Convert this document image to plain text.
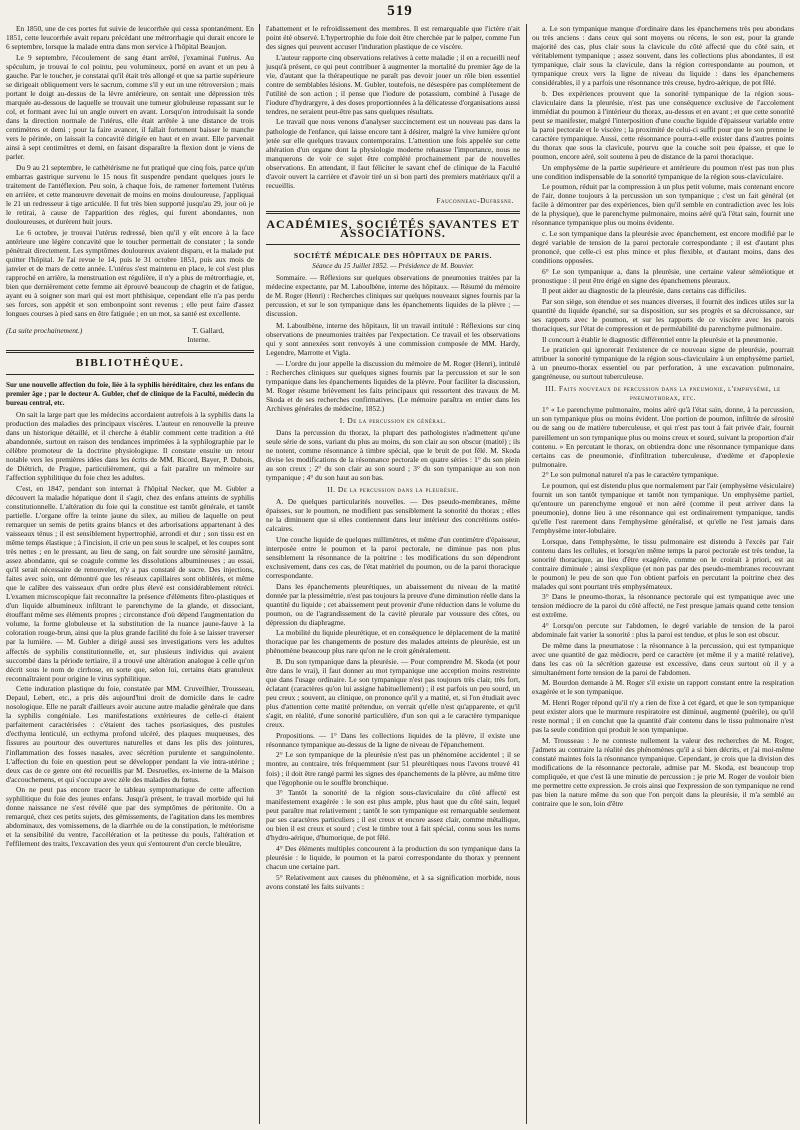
519

En 1850, une de ces portes fut suivie de leucorrhée qui cessa spontanément. En 1851, cette leucorrhée avait reparu précédant une métrorrhagie qui durait encore le 6 septembre, lorsque la malade entra dans mon service à l'hôpital Beaujon.

Le 9 septembre, l'écoulement de sang étant arrêté, j'examinai l'utérus. Au spéculum, je trouvai le col pointu, peu volumineux, porté en avant et un peu à gauche. Par le toucher, je constatai qu'il était très allongé et que sa partie supérieure se dirigeait obliquement vers le sacrum, comme s'il y eut un une rétroversion ; mais portant le doigt au-dessus de la lèvre antérieure, on sentait une dépression très marquée au-dessous de laquelle se trouvait une tumeur globuleuse repassant sur le col, et formant avec lui un angle ouvert en avant. Lorsqu'on introduisait la sonde dans la direction normale de l'utérus, elle était arrêtée à une distance de trois centimètres et demi ; pour la faire avancer, il fallait fortement baisser le manche vers le périnée, on laissait la concavité dirigée en haut et en avant. Elle parvenait ainsi à sept centimètres et demi, en faisant disparaître la flexion dont je viens de parler.

Du 9 au 21 septembre, le cathétérisme ne fut pratiqué que cinq fois, parce qu'un embarras gastrique survenu le 15 nous fit suspendre pendant quelques jours le traitement de l'antéflexion. Peu soin, à chaque fois, de ramener fortement l'utérus en arrière, et cette manœuvre devenait de moins en moins douloureuse, j'appliquai le 21 un redresseur à tige articulée. Il fut très bien supporté jusqu'au 29, jour où je le retirai, à cause de l'apparition des règles, qui furent abondantes, non douloureuses, et durèrent huit jours.

Le 6 octobre, je trouvai l'utérus redressé, bien qu'il y eût encore à la face antérieure une légère concavité que le toucher permettait de constater ; la sonde pénétrait directement. Les symptômes douloureux avaient disparu, et la malade put quitter l'hôpital. Je l'ai revue le 14, puis le 31 octobre 1851, puis aux mois de janvier et de mars de cette année. L'utérus s'est maintenu en place, le col s'est plus rapproché en arrière, la menstruation est régulière, il n'y a plus de métrorrhagie, et, bien que dernièrement cette femme ait éprouvé beaucoup de chagrin et de fatigue, ayant eu à soigner son mari qui est mort phthisique, cependant elle n'a pas perdu ses forces, son appétit et son embonpoint sont revenus ; elle peut faire d'assez longues courses à pied sans en être fatiguée ; en un mot, sa santé est excellente.

(La suite prochainement.)	T. Gallard,
Interne.
BIBLIOTHÈQUE.

Sur une nouvelle affection du foie, liée à la syphilis héréditaire, chez les enfans du premier âge ; par le docteur A. Gubler, chef de clinique de la Faculté, médecin du bureau central, etc.

On sait la large part que les médecins accordaient autrefois à la syphilis dans la production des maladies des principaux viscères. L'auteur en renouvelle la preuve dans un historique détaillé, et il cherche à établir comment cette tradition a été abandonnée, surtout en raison des tendances imprimées à la syphilographie par le célèbre promoteur de la doctrine physiologique. Il constate ensuite un retour notable vers les premières idées dans les écrits de MM. Ricord, Bayer, P. Dubois, de Diétrich, de Prague, particulièrement, qui a fait paraître un mémoire sur l'affection syphilitique du foie chez les adultes.

C'est, en 1847, pendant son internat à l'hôpital Necker, que M. Gubler a découvert la maladie hépatique dont il s'agit, chez des enfans atteints de syphilis constitutionnelle. L'altération du foie qui la constitue est tantôt générale, et tantôt partielle. L'organe offre la teinte jaune du silex, au milieu de laquelle on peut remarquer un semis de petits grains blancs et des arborisations appartenant à des vaisseaux ténus ; il est sensiblement hypertrophié, arrondi et dur ; son tissu est en même temps élastique ; à l'incision, il crie un peu sous le scalpel, et les coupes sont très nettes ; en le pressant, au lieu de sang, on fait sourdre une sérosité jaunâtre, assez abondante, qui se coagule comme les dissolutions albumineuses ; au essai, qu'il serait nécessaire de renouveler, n'y a pas constaté de sucre. Des injections, faites avec soin, ont démontré que les réseaux capillaires sont oblitérés, et même que le calibre des vaisseaux d'un ordre plus élevé est considérablement rétréci. L'examen microscopique fait reconnaître la présence d'éléments fibro-plastiques et d'un liquide albumineux infiltrant le parenchyme de la glande, et dissociant, étouffant même ses éléments propres ; circonstance d'où dépend l'augmentation du volume, la forme globuleuse et la substitution de la nuance jaune-fauve à la coloration rouge-brun, ainsi que la plus grande facilité du foie à se laisser traverser par la lumière. — M. Gubler a dirigé aussi ses investigations vers les adultes affectés de syphilis constitutionnelle, et, sur plusieurs individus qui avaient succombé dans la période tertiaire, il a trouvé une altération analogue à celle qu'on décrit sous le nom de cirrhose, en sorte que, selon lui, certains états granuleux reconnaîtraient pour origine le virus syphilitique.

Cette induration plastique du foie, constatée par MM. Cruveilhier, Trousseau, Depaul, Lebert, etc., a pris dès aujourd'hui droit de domicile dans le cadre nosologique. Elle ne paraît d'ailleurs avoir aucune autre maladie générale que dans la syphilis congéniale. Les manifestations extérieures de celle-ci étaient parfaitement caractérisées : c'étaient des taches psoriasiques, des pustules d'ecthyma lenticulé, un ecthyma profond ulcéré, des plaques muqueuses, des fissures au pourtour des ouvertures naturelles et dans les plis des jointures, l'inflammation des fosses nasales, avec sécrétion purulente et sanguinolente. L'affection du foie en question peut se développer pendant la vie intra-utérine ; deux cas de ce genre ont été recueillis par M. Desruelles, ex-interne de la Maison d'accouchemens, et qui s'occupe avec zèle des maladies du fœtus.

On ne peut pas encore tracer le tableau symptomatique de cette affection syphilitique du foie des jeunes enfans. Jusqu'à présent, le travail morbide qui lui donne naissance ne s'est révélé que par des symptômes de péritonite. On a remarqué, chez ces petits sujets, des gémissements, de l'agitation dans les membres abdominaux, des vomissemens, de la diarrhée ou de la constipation, le météorisme et la sensibilité du ventre, l'accélération et la petitesse du pouls, l'altération et l'effilement des traits, l'excavation des yeux qui s'entourent d'un cercle bleuâtre,

l'abattement et le refroidissement des membres. Il est remarquable que l'ictère n'ait point été observé. L'hypertrophie du foie doit être cherchée par le palper, comme l'un des signes qui peuvent accuser l'induration plastique de ce viscère.

L'auteur rapporte cinq observations relatives à cette maladie ; il en a recueilli neuf jusqu'à présent, ce qui peut contribuer à augmenter la mortalité du premier âge de la vie, d'autant que la thérapeutique ne paraît pas devoir jouer un rôle bien essentiel contre de semblables lésions. M. Gubler, toutefois, ne désespère pas complètement de l'utilité de son action ; il pense que l'iodure de potassium, combiné à l'usage de l'iodure d'hydrargyre, à des doses proportionnées à la délicatesse d'organisations aussi tendres, ne seraient peut-être pas sans quelques résultats.

Le travail que nous venons d'analyser succinctement est un nouveau pas dans la pathologie de l'enfance, qui laisse encore tant à désirer, malgré la vive lumière qu'ont jetée sur elle quelques travaux contemporains. L'attention une fois appelée sur cette altération d'un organe dont la physiologie moderne rehausse l'importance, nous ne manquerons de voir ce sujet être complété prochainement par de nouvelles observations. En attendant, il faut féliciter le savant chef de clinique de la Faculté d'avoir ouvert la carrière et d'avoir tiré un si bon parti des premiers matériaux qu'il a recueillis.

Fauconneau-Dufresne.
ACADÉMIES, SOCIÉTÉS SAVANTES ET ASSOCIATIONS.
SOCIÉTÉ MÉDICALE DES HÔPITAUX DE PARIS.
Séance du 15 Juillet 1852. — Présidence de M. Bouvier.

Sommaire. — Réflexions sur quelques observations de pneumonies traitées par la médecine expectante, par M. Laboulbène, interne des hôpitaux. — Résumé du mémoire de M. Roger (Henri) : Recherches cliniques sur quelques nouveaux signes fournis par la percussion, et sur le son tympanique dans les épanchements liquides de la plèvre ; — discussion.

M. Laboulbène, interne des hôpitaux, lit un travail intitulé : Réflexions sur cinq observations de pneumonies traitées par l'expectation. Ce travail et les observations qui y sont annexées sont renvoyés à une commission composée de MM. Hardy, Legendre, Marrotte et Vigla.

— L'ordre du jour appelle la discussion du mémoire de M. Roger (Henri), intitulé : Recherches cliniques sur quelques signes fournis par la percussion et sur le son tympanique dans les épanchements liquides de la plèvre. Pour faciliter la discussion, M. Roger résume brièvement les faits principaux qui ressortent des travaux de M. Skoda et de ses recherches confirmatives. (Le mémoire paraîtra en entier dans les Archives générales de médecine, 1852.)

I. De la percussion en général.

Dans la percussion du thorax, la plupart des pathologistes n'admettent qu'une seule série de sons, variant du plus au moins, du son clair au son obscur (matité) ; ils ne notent, comme résonnance à timbre spécial, que le bruit de pot fêlé. M. Skoda divise les modifications de la résonnance pectorale en quatre séries : 1° du son plein au son creux ; 2° du son clair au son sourd ; 3° du son tympanique au son non tympanique ; 4° du son haut au son bas.

II. De la percussion dans la pleurésie.

A. De quelques particularités nouvelles. — Des pseudo-membranes, même épaisses, sur le poumon, ne modifient pas sensiblement la sonorité du thorax ; elles ne la diminuent que si elles contiennent dans leur intérieur des concrétions ostéo-calcaires.

Une couche liquide de quelques millimètres, et même d'un centimètre d'épaisseur, interposée entre le poumon et la paroi pectorale, ne diminue pas non plus sensiblement la résonnance de la poitrine : les modifications du son dépendront exclusivement, dans ces cas, de l'état matériel du poumon, ou de la paroi thoracique correspondante.

Dans les épanchements pleurétiques, un abaissement du niveau de la matité donnée par la plessimétrie, n'est pas toujours la preuve d'une diminution réelle dans la quantité du liquide ; cet abaissement peut provenir d'une réduction dans le volume du poumon, ou de l'agrandissement de la cavité pleurale par voussure des côtes, ou dépression du diaphragme.

La mobilité du liquide pleurétique, et en conséquence le déplacement de la matité thoracique par les changements de posture des malades atteints de pleurésie, est un phénomène beaucoup plus rare qu'on ne le croit généralement.

B. Du son tympanique dans la pleurésie. — Pour comprendre M. Skoda (et pour être dans le vrai), il faut donner au mot tympanique une acception moins restreinte que dans l'usage ordinaire. Le son tympanique n'est pas toujours très clair, très fort, éclatant (caractères qu'on lui assigne habituellement) ; il est parfois un peu sourd, un peu creux ; souvent, au clinique, on prononce qu'il y a matité, et, si l'on étudiait avec plus d'attention cette matité prétendue, on verrait qu'elle n'est qu'apparente, et qu'il s'agit, en réalité, d'une sonorité particulière, d'un son qui a le caractère tympanique creux.

Propositions. — 1° Dans les collections liquides de la plèvre, il existe une résonnance tympanique au-dessus de la ligne de niveau de l'épanchement.

2° Le son tympanique de la pleurésie n'est pas un phénomène accidentel ; il se montre, au contraire, très fréquemment (sur 51 pleurétiques nous l'avons trouvé 41 fois) ; il doit être rangé parmi les signes des épanchements de la plèvre, au même titre que l'égophonie ou le souffle bronchique.

3° Tantôt la sonorité de la région sous-claviculaire du côté affecté est manifestement exagérée : le son est plus ample, plus haut que du côté sain, lequel peut paraître mat relativement ; tantôt le son tympanique est remarquable seulement par ses caractères particuliers ; il est creux et encore assez clair, comme métallique, ou bien il est creux et sourd ; c'est le timbre tout à fait spécial, connu sous les noms d'hydro-aérique, d'humorique, de pot fêlé.

4° Des éléments multiples concourent à la production du son tympanique dans la pleurésie : le liquide, le poumon et la paroi correspondante du thorax y prennent chacun une certaine part.

5° Relativement aux causes du phénomène, et à sa signification morbide, nous avons constaté les faits suivants :

a. Le son tympanique manque d'ordinaire dans les épanchemens très peu abondans ou très anciens : dans ceux qui sont moyens ou récens, le son est, pour la grande majorité des cas, plus clair sous la clavicule du côté affecté que du côté sain, et véritablement tympanique ; assez souvent, dans les collections plus abondantes, il est tympanique, clair sous la clavicule, dans la région correspondante au poumon, et tympanique creux vers la ligne de niveau du liquide : dans les épanchemens considérables, il y a parfois une résonnance très creuse, hydro-aérique, de pot fêlé.

b. Des expériences prouvent que la sonorité tympanique de la région sous-claviculaire dans la pleurésie, n'est pas une conséquence exclusive de l'accolement immédiat du poumon à l'intérieur du thorax, au-dessus et en avant ; et que cette sonorité peut se manifester, malgré l'interposition d'une couche liquide d'épaisseur variable entre la paroi pectorale et le viscère ; la proximité de celui-ci suffit pour que le son prenne le caractère tympanique. Aussi, cette résonnance pourra-t-elle exister dans d'autres points du thorax que sous la clavicule, pourvu que la couche soit peu épaisse, et que le poumon, encore aéré, soit soutenu à peu de distance de la paroi thoracique.

Un emphysème de la partie supérieure et antérieure du poumon n'est pas non plus une condition indispensable de la sonorité tympanique de la région sous-claviculaire.

Le poumon, réduit par la compression à un plus petit volume, mais contenant encore de l'air, donne toujours à la percussion un son tympanique ; c'est un fait général (et facile à démontrer par des expériences, bien qu'il semble en contradiction avec les lois de la physique), que le parenchyme pulmonaire, moins aéré qu'à l'état sain, fournit une résonnance tympanique plus ou moins évidente.

c. Le son tympanique dans la pleurésie avec épanchement, est encore modifié par le degré variable de tension de la paroi pectorale correspondante ; il est d'autant plus prononcé, que celle-ci est plus mince et plus flexible, et d'autant moins, dans des conditions opposées.

6° Le son tympanique a, dans la pleurésie, une certaine valeur séméiotique et pronostique : il peut être érigé en signe des épanchemens pleuraux.

Il peut aider au diagnostic de la pleurésie, dans certains cas difficiles.

Par son siège, son étendue et ses nuances diverses, il fournit des indices utiles sur la quantité du liquide épanché, sur sa disposition, sur ses progrès et sa décroissance, sur ses rapports avec le poumon, et sur les rapports de ce viscère avec les parois thoraciques, sur l'état de compression et de perméabilité du parenchyme pulmonaire.

Il concourt à établir le diagnostic différentiel entre la pleurésie et la pneumonie.

Le praticien qui ignorerait l'existence de ce nouveau signe de pleurésie, pourrait attribuer la sonorité tympanique de la région sous-claviculaire à un emphysème partiel, à un pneumo-thorax essentiel ou par perforation, à une excavation pulmonaire, gangréneuse, ou surtout tuberculeuse.

III. Faits nouveaux de percussion dans la pneumonie, l'emphysème, le pneumothorax, etc.

1° « Le parenchyme pulmonaire, moins aéré qu'à l'état sain, donne, à la percussion, un son tympanique plus ou moins évident. Une portion de poumon, infiltrée de sérosité ou de sang ou de matière tuberculeuse, et qui n'est pas tout à fait privée d'air, fournit pareillement un son tympanique plus ou moins creux et sourd, suivant la proportion d'air contenu. » En percutant le thorax, on obtiendra donc une résonnance tympanique dans certains cas de pneumonie, d'infiltration tuberculeuse, d'œdème et d'apoplexie pulmonaire.

2° Le son pulmonal naturel n'a pas le caractère tympanique.

Le poumon, qui est distendu plus que normalement par l'air (emphysème vésiculaire) fournit un son tantôt tympanique et tantôt non tympanique. Un emphysème partiel, qu'entoure un parenchyme engoué et non aéré (comme il peut arriver dans la pneumonie), donne lieu à une résonnance qui est ordinairement tympanique, tandis qu'elle l'est rarement dans l'emphysème généralisé, et qu'elle ne l'est jamais dans l'emphysème inter-lobulaire.

Lorsque, dans l'emphysème, le tissu pulmonaire est distendu à l'excès par l'air contenu dans les cellules, et lorsqu'en même temps la paroi pectorale est très tendue, la sonorité thoracique, au lieu d'être exagérée, comme on le croirait à priori, est au contraire diminuée ; ainsi s'explique (et non pas par des pseudo-membranes recouvrant le poumon) le peu de son que l'on obtient parfois en percutant la poitrine chez des malades qui sont pourtant très emphysémateux.

3° Dans le pneumo-thorax, la résonnance pectorale qui est tympanique avec une tension médiocre de la paroi du côté affecté, ne l'est presque jamais quand cette tension est extrême.

4° Lorsqu'on percute sur l'abdomen, le degré variable de tension de la paroi abdominale fait varier la sonorité : plus la paroi est tendue, et plus le son est obscur.

De même dans la pneumatose : la résonnance à la percussion, qui est tympanique avec une quantité de gaz médiocre, perd ce caractère (et même il y a matité relative), dans les cas où la sécrétion gazeuse est excessive, dans ceux surtout où il y a simultanément forte tension de la paroi de l'abdomen.

M. Bourdon demande à M. Roger s'il existe un rapport constant entre la respiration exagérée et le son tympanique.

M. Henri Roger répond qu'il n'y a rien de fixe à cet égard, et que le son tympanique peut exister alors que le murmure respiratoire est diminué, augmenté (puérile), ou qu'il reste normal ; il en conclut que la quantité d'air contenu dans le tissu pulmonaire n'est pas la seule condition qui produit le son tympanique.

M. Trousseau : Je ne conteste nullement la valeur des recherches de M. Roger, j'admets au contraire la réalité des phénomènes qu'il a si bien décrits, et j'ai moi-même constaté maintes fois la résonnance tympanique. Cependant, je crois que la division des modifications de la résonnance pectorale, admise par M. Skoda, est beaucoup trop compliquée, et que c'est là une minutie de percussion ; je prie M. Roger de vouloir bien me permettre cette expression. Je crois ainsi que l'expression de son tympanique ne rend pas bien la nature même du son que l'on perçoit dans la pleurésie, il m'a semblé au contraire que le son, loin d'être
